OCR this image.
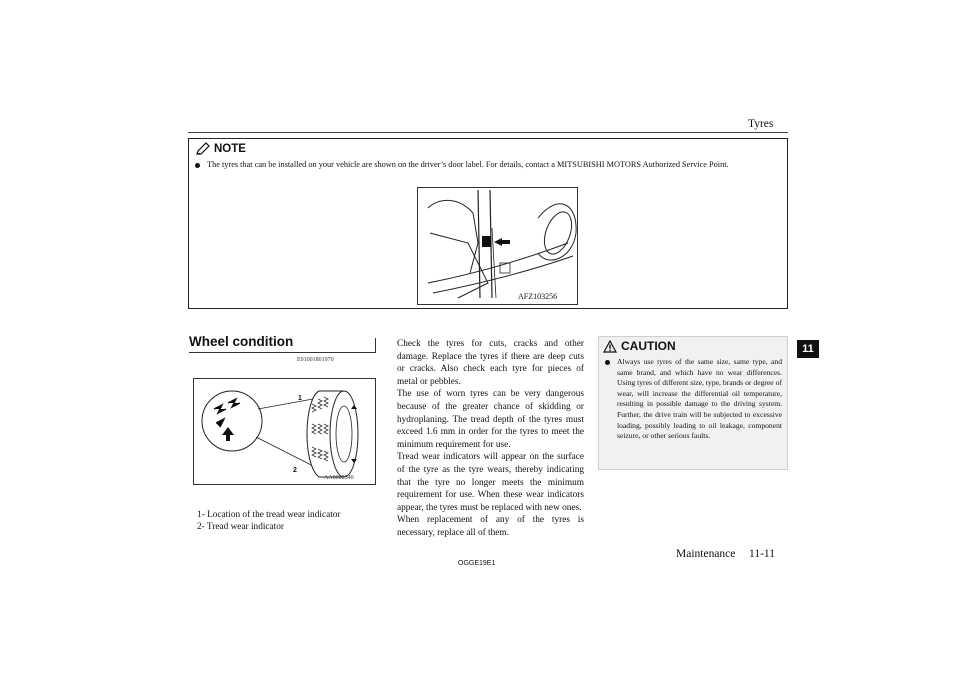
Tyres
NOTE
The tyres that can be installed on your vehicle are shown on the driver’s door label. For details, contact a MITSUBISHI MOTORS Authorized Service Point.
AFZ103256
Wheel condition
E01001801970
1
2
AA0002540
1- Location of the tread wear indicator
2- Tread wear indicator

Check the tyres for cuts, cracks and other damage. Replace the tyres if there are deep cuts or cracks. Also check each tyre for pieces of metal or pebbles.

The use of worn tyres can be very dangerous because of the greater chance of skidding or hydroplaning. The tread depth of the tyres must exceed 1.6 mm in order for the tyres to meet the minimum requirement for use.

Tread wear indicators will appear on the surface of the tyre as the tyre wears, thereby indicating that the tyre no longer meets the minimum requirement for use. When these wear indicators appear, the tyres must be replaced with new ones.

When replacement of any of the tyres is necessary, replace all of them.

CAUTION
Always use tyres of the same size, same type, and same brand, and which have no wear differences. Using tyres of different size, type, brands or degree of wear, will increase the differential oil temperature, resulting in possible damage to the driving system. Further, the drive train will be subjected to excessive loading, possibly leading to oil leakage, component seizure, or other serious faults.
11
OGGE19E1
Maintenance 11-11
